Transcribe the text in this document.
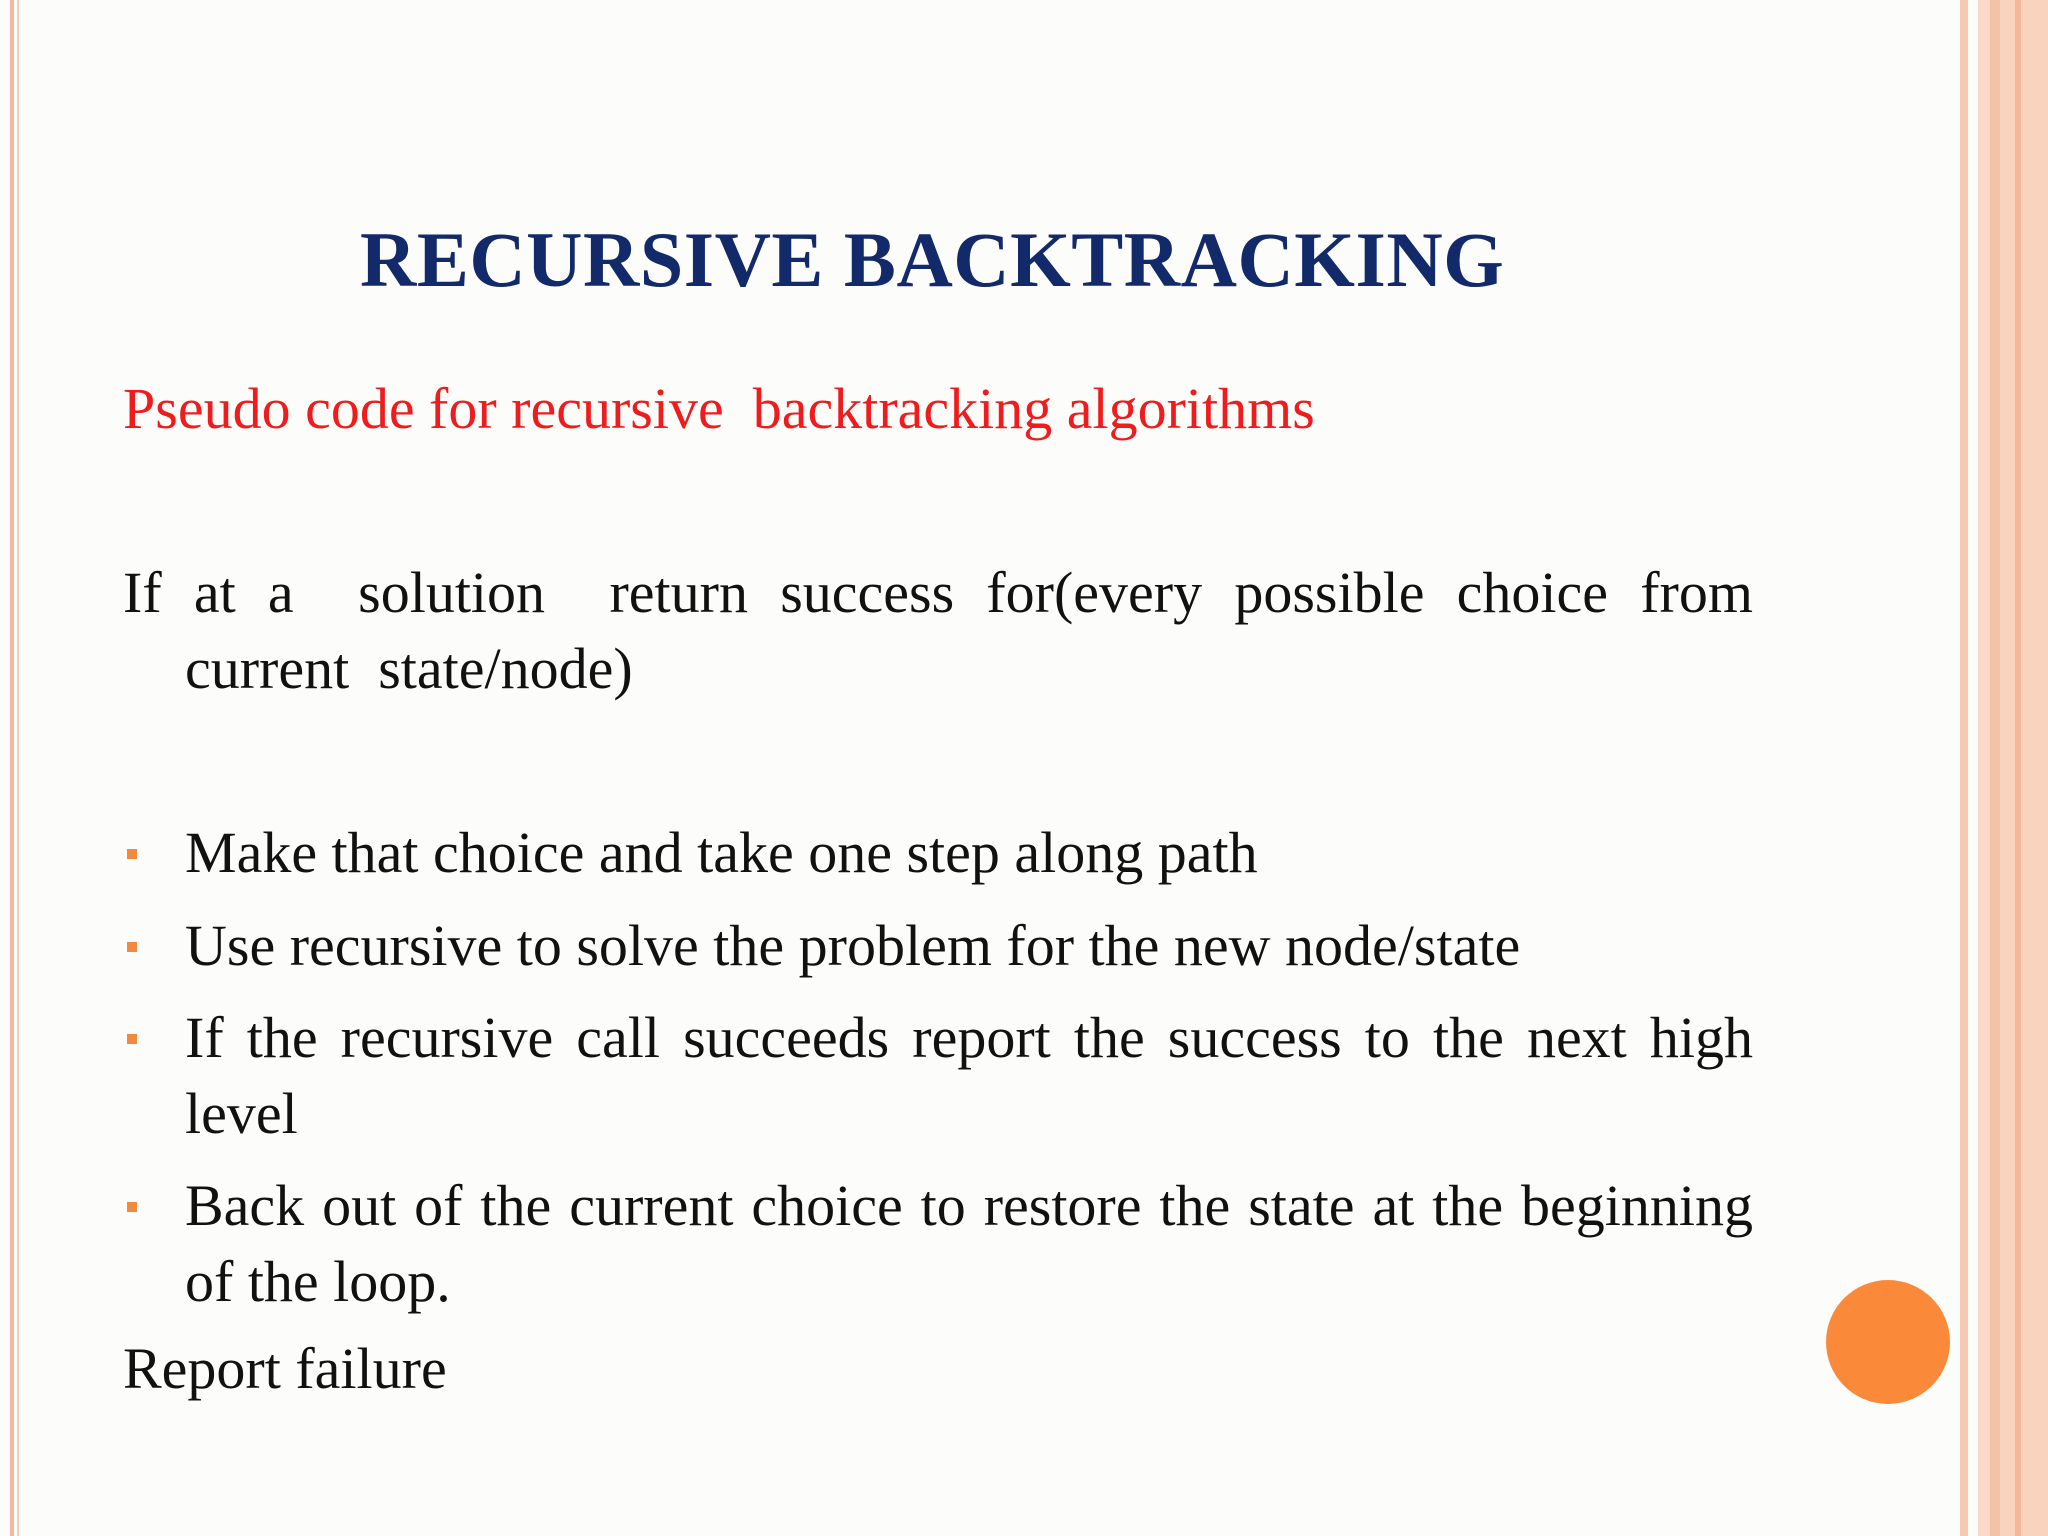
RECURSIVE BACKTRACKING
Pseudo code for recursive  backtracking algorithms
If at a  solution  return success for(every possible choice from
current  state/node)
Make that choice and take one step along path
Use recursive to solve the problem for the new node/state
If the recursive call succeeds report the success to the next high level
Back out of the current choice to restore the state at the beginning of the loop.
Report failure
